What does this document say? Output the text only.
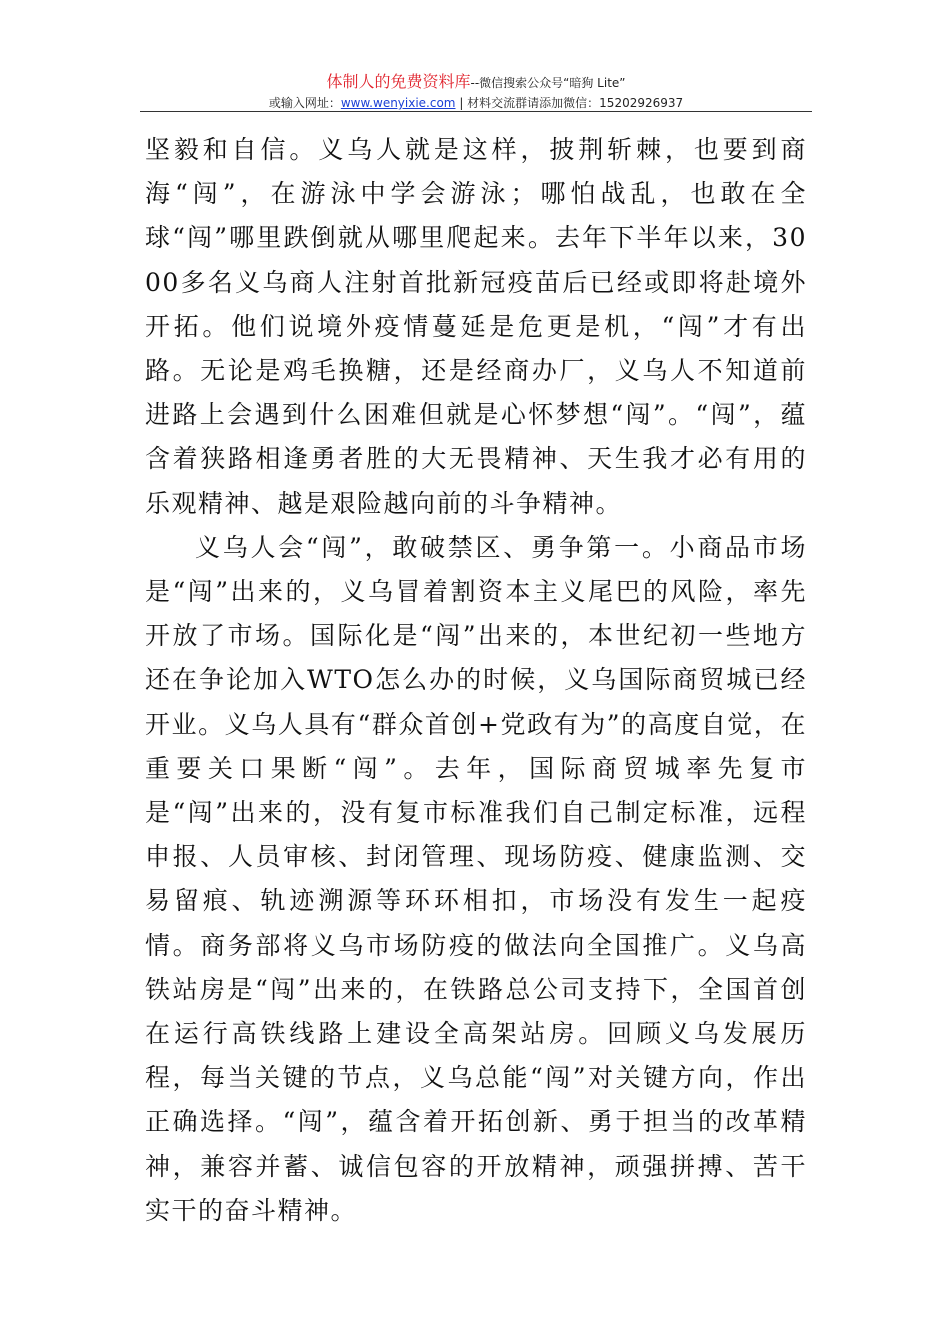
体制人的免费资料库--微信搜索公众号“暗狗 Lite”
或输入网址：www.wenyixie.com | 材料交流群请添加微信：15202926937

坚毅和自信。义乌人就是这样，披荆斩棘，也要到商海“闯”，在游泳中学会游泳；哪怕战乱，也敢在全球“闯”哪里跌倒就从哪里爬起来。去年下半年以来，3000多名义乌商人注射首批新冠疫苗后已经或即将赴境外开拓。他们说境外疫情蔓延是危更是机，“闯”才有出路。无论是鸡毛换糖，还是经商办厂，义乌人不知道前进路上会遇到什么困难但就是心怀梦想“闯”。“闯”，蕴含着狭路相逢勇者胜的大无畏精神、天生我才必有用的乐观精神、越是艰险越向前的斗争精神。

义乌人会“闯”，敢破禁区、勇争第一。小商品市场是“闯”出来的，义乌冒着割资本主义尾巴的风险，率先开放了市场。国际化是“闯”出来的，本世纪初一些地方还在争论加入WTO怎么办的时候，义乌国际商贸城已经开业。义乌人具有“群众首创+党政有为”的高度自觉，在重要关口果断“闯”。去年，国际商贸城率先复市是“闯”出来的，没有复市标准我们自己制定标准，远程申报、人员审核、封闭管理、现场防疫、健康监测、交易留痕、轨迹溯源等环环相扣，市场没有发生一起疫情。商务部将义乌市场防疫的做法向全国推广。义乌高铁站房是“闯”出来的，在铁路总公司支持下，全国首创在运行高铁线路上建设全高架站房。回顾义乌发展历程，每当关键的节点，义乌总能“闯”对关键方向，作出正确选择。“闯”，蕴含着开拓创新、勇于担当的改革精神，兼容并蓄、诚信包容的开放精神，顽强拼搏、苦干实干的奋斗精神。
